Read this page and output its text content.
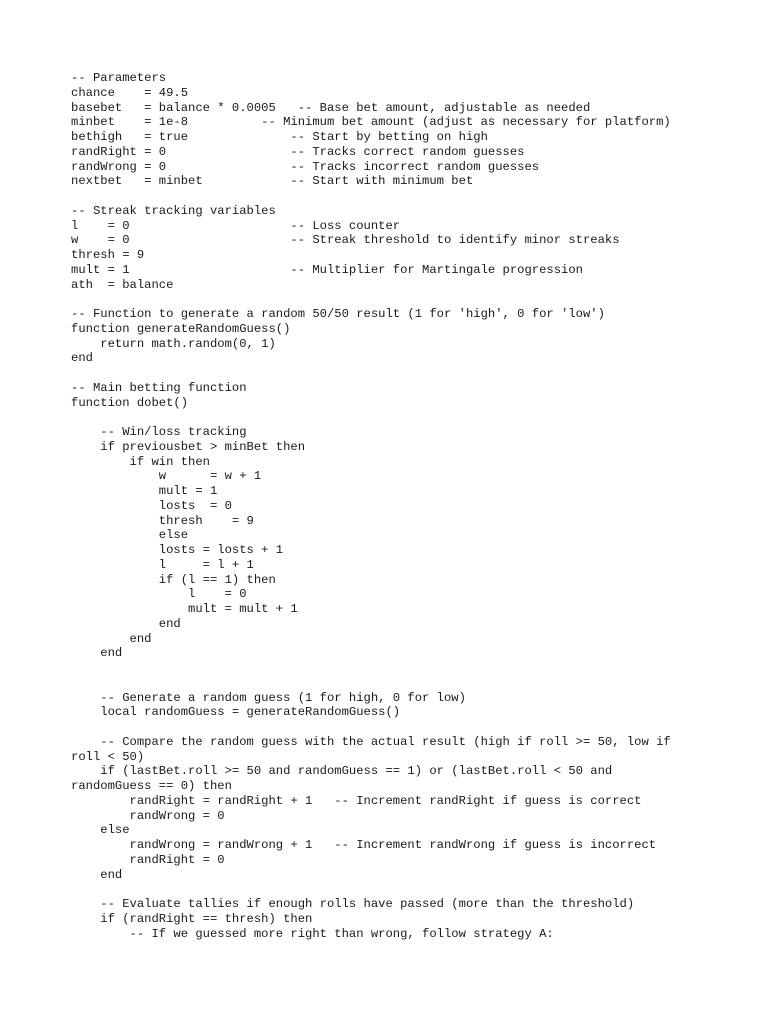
-- Parameters
chance    = 49.5
basebet   = balance * 0.0005   -- Base bet amount, adjustable as needed
minbet    = 1e-8          -- Minimum bet amount (adjust as necessary for platform)
bethigh   = true              -- Start by betting on high
randRight = 0                 -- Tracks correct random guesses
randWrong = 0                 -- Tracks incorrect random guesses
nextbet   = minbet            -- Start with minimum bet
-- Streak tracking variables
l    = 0                      -- Loss counter
w    = 0                      -- Streak threshold to identify minor streaks
thresh = 9
mult = 1                      -- Multiplier for Martingale progression
ath  = balance
-- Function to generate a random 50/50 result (1 for 'high', 0 for 'low')
function generateRandomGuess()
return math.random(0, 1)
end
-- Main betting function
function dobet()
-- Win/loss tracking
if previousbet > minBet then
if win then
w      = w + 1
mult = 1
losts  = 0
thresh    = 9
else
losts = losts + 1
l     = l + 1
if (l == 1) then
l    = 0
mult = mult + 1
end
end
end
-- Generate a random guess (1 for high, 0 for low)
local randomGuess = generateRandomGuess()
-- Compare the random guess with the actual result (high if roll >= 50, low if
roll < 50)
if (lastBet.roll >= 50 and randomGuess == 1) or (lastBet.roll < 50 and
randomGuess == 0) then
randRight = randRight + 1   -- Increment randRight if guess is correct
randWrong = 0
else
randWrong = randWrong + 1   -- Increment randWrong if guess is incorrect
randRight = 0
end
-- Evaluate tallies if enough rolls have passed (more than the threshold)
if (randRight == thresh) then
-- If we guessed more right than wrong, follow strategy A:
